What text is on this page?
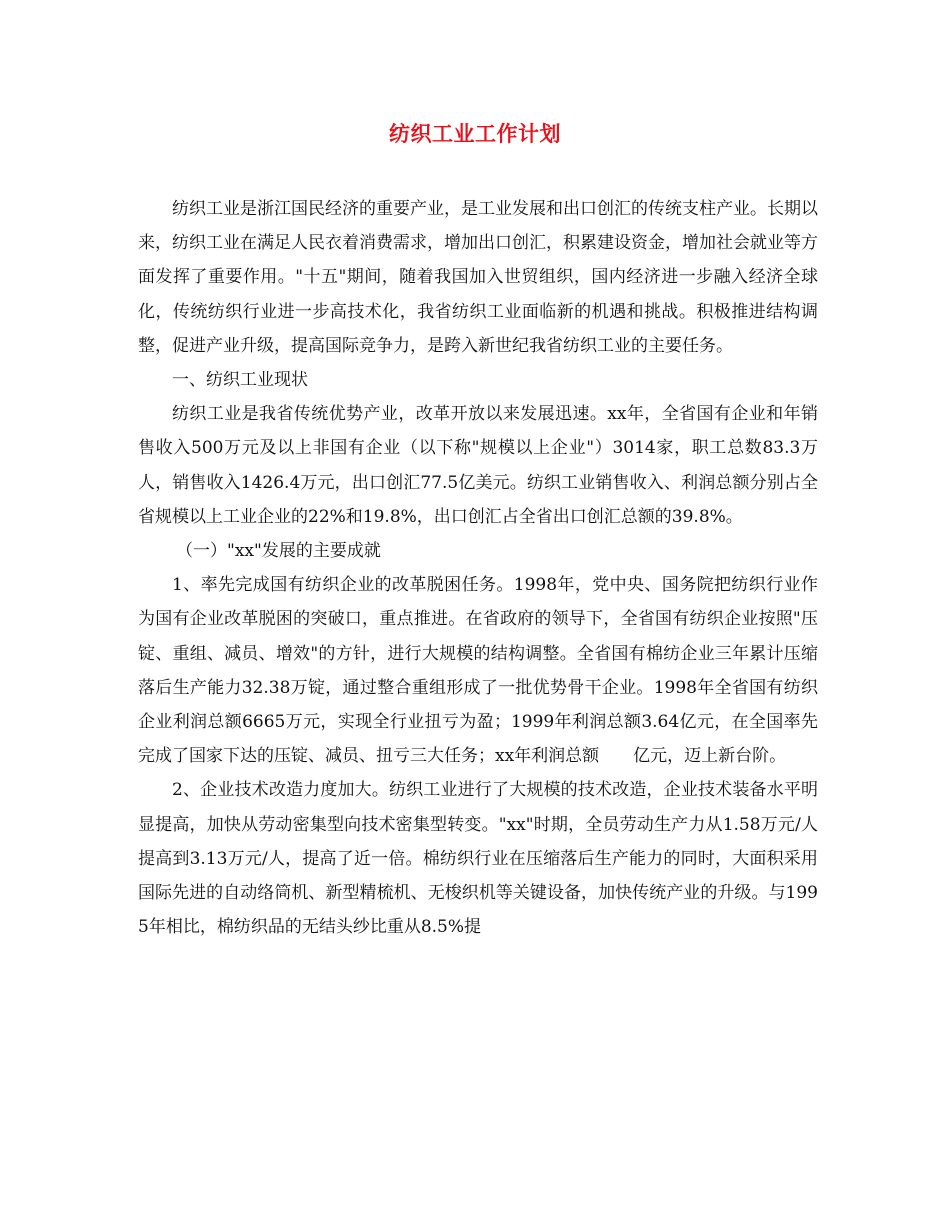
纺织工业工作计划

纺织工业是浙江国民经济的重要产业，是工业发展和出口创汇的传统支柱产业。长期以来，纺织工业在满足人民衣着消费需求，增加出口创汇，积累建设资金，增加社会就业等方面发挥了重要作用。"十五"期间，随着我国加入世贸组织，国内经济进一步融入经济全球化，传统纺织行业进一步高技术化，我省纺织工业面临新的机遇和挑战。积极推进结构调整，促进产业升级，提高国际竞争力，是跨入新世纪我省纺织工业的主要任务。

一、纺织工业现状

纺织工业是我省传统优势产业，改革开放以来发展迅速。xx年，全省国有企业和年销售收入500万元及以上非国有企业（以下称"规模以上企业"）3014家，职工总数83.3万人，销售收入1426.4万元，出口创汇77.5亿美元。纺织工业销售收入、利润总额分别占全省规模以上工业企业的22%和19.8%，出口创汇占全省出口创汇总额的39.8%。

（一）"xx"发展的主要成就

1、率先完成国有纺织企业的改革脱困任务。1998年，党中央、国务院把纺织行业作为国有企业改革脱困的突破口，重点推进。在省政府的领导下，全省国有纺织企业按照"压锭、重组、减员、增效"的方针，进行大规模的结构调整。全省国有棉纺企业三年累计压缩落后生产能力32.38万锭，通过整合重组形成了一批优势骨干企业。1998年全省国有纺织企业利润总额6665万元，实现全行业扭亏为盈；1999年利润总额3.64亿元，在全国率先完成了国家下达的压锭、减员、扭亏三大任务；xx年利润总额　　亿元，迈上新台阶。

2、企业技术改造力度加大。纺织工业进行了大规模的技术改造，企业技术装备水平明显提高，加快从劳动密集型向技术密集型转变。"xx"时期，全员劳动生产力从1.58万元/人提高到3.13万元/人，提高了近一倍。棉纺织行业在压缩落后生产能力的同时，大面积采用国际先进的自动络筒机、新型精梳机、无梭织机等关键设备，加快传统产业的升级。与1995年相比，棉纺织品的无结头纱比重从8.5%提
